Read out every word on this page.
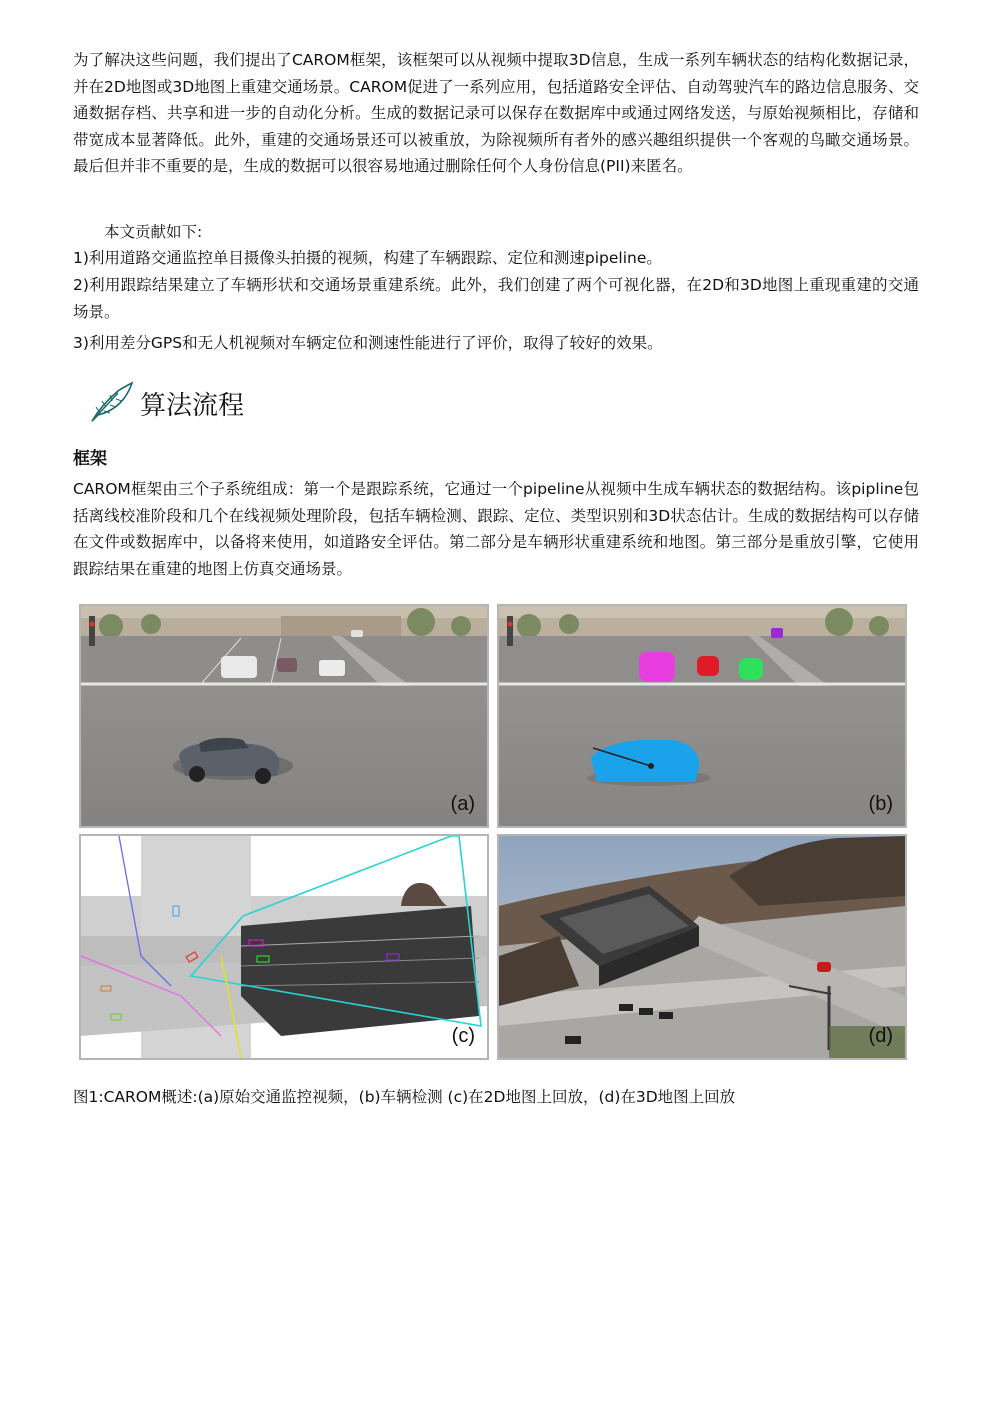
为了解决这些问题，我们提出了CAROM框架，该框架可以从视频中提取3D信息，生成一系列车辆状态的结构化数据记录，并在2D地图或3D地图上重建交通场景。CAROM促进了一系列应用，包括道路安全评估、自动驾驶汽车的路边信息服务、交通数据存档、共享和进一步的自动化分析。生成的数据记录可以保存在数据库中或通过网络发送，与原始视频相比，存储和带宽成本显著降低。此外，重建的交通场景还可以被重放，为除视频所有者外的感兴趣组织提供一个客观的鸟瞰交通场景。最后但并非不重要的是，生成的数据可以很容易地通过删除任何个人身份信息(PII)来匿名。

本文贡献如下:

1)利用道路交通监控单目摄像头拍摄的视频，构建了车辆跟踪、定位和测速pipeline。

2)利用跟踪结果建立了车辆形状和交通场景重建系统。此外，我们创建了两个可视化器，在2D和3D地图上重现重建的交通场景。

3)利用差分GPS和无人机视频对车辆定位和测速性能进行了评价，取得了较好的效果。

算法流程
框架

CAROM框架由三个子系统组成：第一个是跟踪系统，它通过一个pipeline从视频中生成车辆状态的数据结构。该pipline包括离线校准阶段和几个在线视频处理阶段，包括车辆检测、跟踪、定位、类型识别和3D状态估计。生成的数据结构可以存储在文件或数据库中，以备将来使用，如道路安全评估。第二部分是车辆形状重建系统和地图。第三部分是重放引擎，它使用跟踪结果在重建的地图上仿真交通场景。

(a)	(b)
(c)	(d)
图1:CAROM概述:(a)原始交通监控视频，(b)车辆检测 (c)在2D地图上回放，(d)在3D地图上回放
